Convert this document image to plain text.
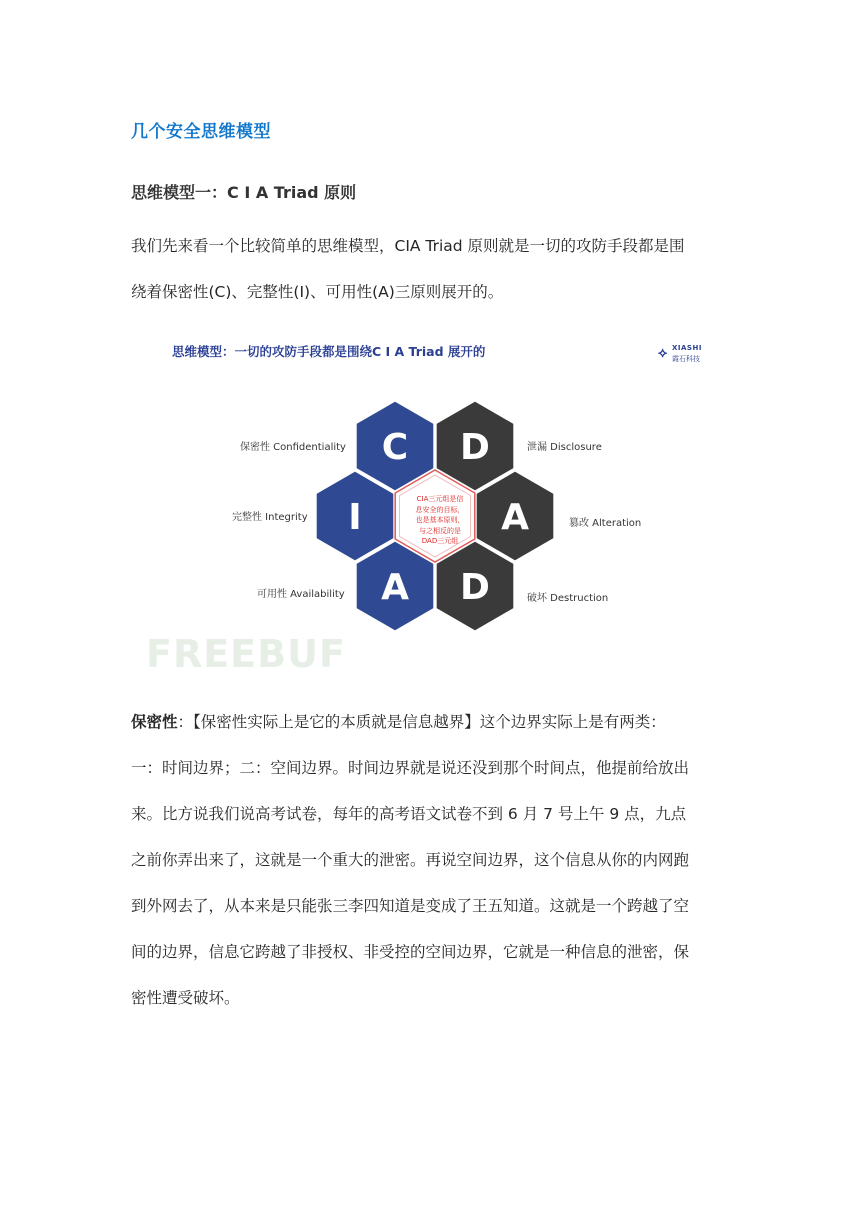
几个安全思维模型
思维模型一：C I A Triad 原则
我们先来看一个比较简单的思维模型，CIA Triad 原则就是一切的攻防手段都是围
绕着保密性(C)、完整性(I)、可用性(A)三原则展开的。
FREEBUF
思维模型：一切的攻防手段都是围绕C I A Triad 展开的	⟡ XIASHI
霞石科技
C D
I	A
A D
CIA三元组是信
息安全的目标，
也是基本原则，
与之相反的是
DAD三元组
保密性 Confidentiality
完整性 Integrity
可用性 Availability
泄漏 Disclosure
篡改 Alteration
破坏 Destruction
保密性：【保密性实际上是它的本质就是信息越界】这个边界实际上是有两类：
一：时间边界；二：空间边界。时间边界就是说还没到那个时间点，他提前给放出
来。比方说我们说高考试卷，每年的高考语文试卷不到 6 月 7 号上午 9 点，九点
之前你弄出来了，这就是一个重大的泄密。再说空间边界，这个信息从你的内网跑
到外网去了，从本来是只能张三李四知道是变成了王五知道。这就是一个跨越了空
间的边界，信息它跨越了非授权、非受控的空间边界，它就是一种信息的泄密，保
密性遭受破坏。
